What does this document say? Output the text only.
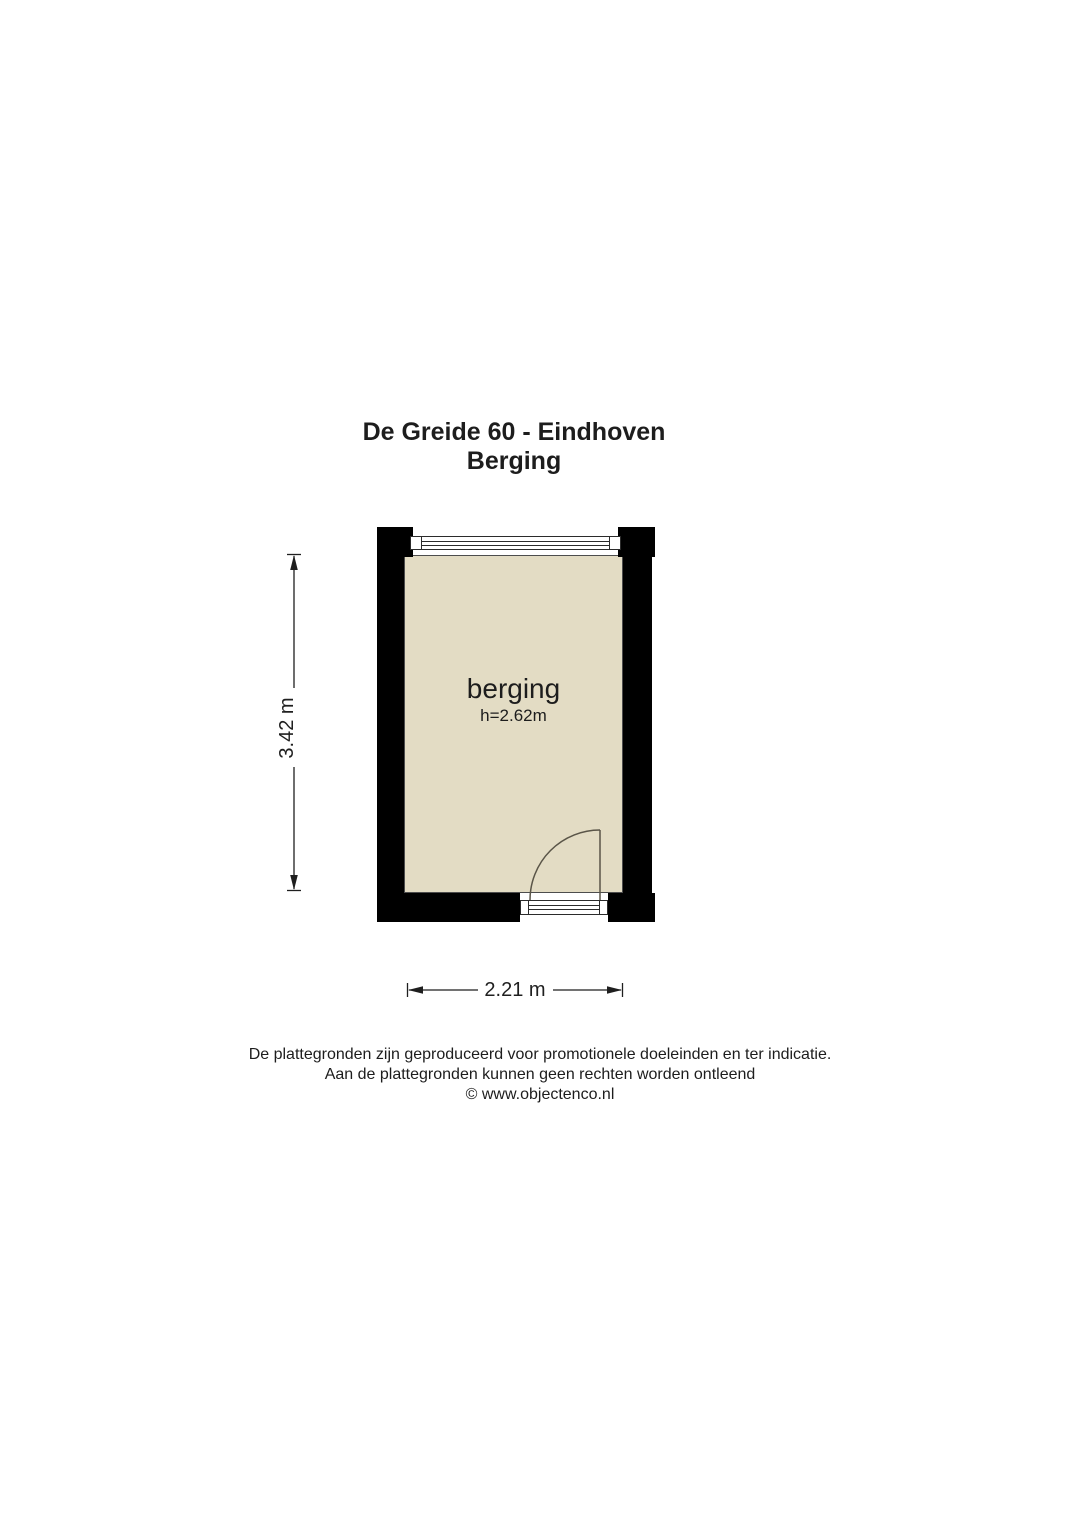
De Greide 60 - Eindhoven
Berging
berging
h=2.62m
3.42 m
2.21 m
De plattegronden zijn geproduceerd voor promotionele doeleinden en ter indicatie.
Aan de plattegronden kunnen geen rechten worden ontleend
© www.objectenco.nl
